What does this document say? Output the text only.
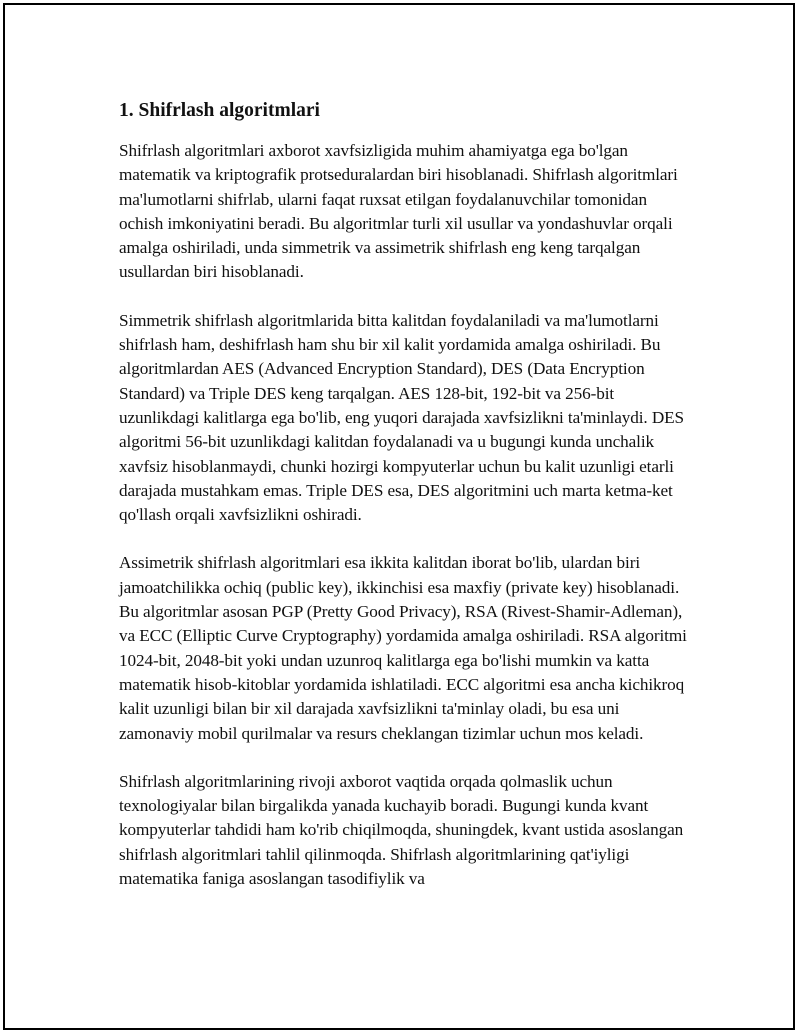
1. Shifrlash algoritmlari

Shifrlash algoritmlari axborot xavfsizligida muhim ahamiyatga ega bo'lgan matematik va kriptografik protseduralardan biri hisoblanadi. Shifrlash algoritmlari ma'lumotlarni shifrlab, ularni faqat ruxsat etilgan foydalanuvchilar tomonidan ochish imkoniyatini beradi. Bu algoritmlar turli xil usullar va yondashuvlar orqali amalga oshiriladi, unda simmetrik va assimetrik shifrlash eng keng tarqalgan usullardan biri hisoblanadi.

Simmetrik shifrlash algoritmlarida bitta kalitdan foydalaniladi va ma'lumotlarni shifrlash ham, deshifrlash ham shu bir xil kalit yordamida amalga oshiriladi. Bu algoritmlardan AES (Advanced Encryption Standard), DES (Data Encryption Standard) va Triple DES keng tarqalgan. AES 128-bit, 192-bit va 256-bit uzunlikdagi kalitlarga ega bo'lib, eng yuqori darajada xavfsizlikni ta'minlaydi. DES algoritmi 56-bit uzunlikdagi kalitdan foydalanadi va u bugungi kunda unchalik xavfsiz hisoblanmaydi, chunki hozirgi kompyuterlar uchun bu kalit uzunligi etarli darajada mustahkam emas. Triple DES esa, DES algoritmini uch marta ketma-ket qo'llash orqali xavfsizlikni oshiradi.

Assimetrik shifrlash algoritmlari esa ikkita kalitdan iborat bo'lib, ulardan biri jamoatchilikka ochiq (public key), ikkinchisi esa maxfiy (private key) hisoblanadi. Bu algoritmlar asosan PGP (Pretty Good Privacy), RSA (Rivest-Shamir-Adleman), va ECC (Elliptic Curve Cryptography) yordamida amalga oshiriladi. RSA algoritmi 1024-bit, 2048-bit yoki undan uzunroq kalitlarga ega bo'lishi mumkin va katta matematik hisob-kitoblar yordamida ishlatiladi. ECC algoritmi esa ancha kichikroq kalit uzunligi bilan bir xil darajada xavfsizlikni ta'minlay oladi, bu esa uni zamonaviy mobil qurilmalar va resurs cheklangan tizimlar uchun mos keladi.

Shifrlash algoritmlarining rivoji axborot vaqtida orqada qolmaslik uchun texnologiyalar bilan birgalikda yanada kuchayib boradi. Bugungi kunda kvant kompyuterlar tahdidi ham ko'rib chiqilmoqda, shuningdek, kvant ustida asoslangan shifrlash algoritmlari tahlil qilinmoqda. Shifrlash algoritmlarining qat'iyligi matematika faniga asoslangan tasodifiylik va
